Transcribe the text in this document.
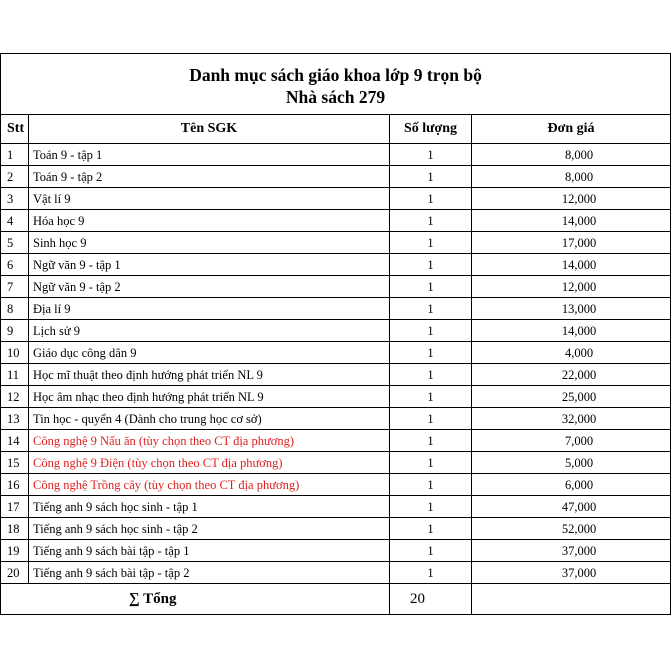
Danh mục sách giáo khoa lớp 9 trọn bộ
Nhà sách 279			

Stt	Tên SGK	Số lượng	Đơn giá
1	Toán 9 - tập 1	1	8,000
2	Toán 9 - tập 2	1	8,000
3	Vật lí 9	1	12,000
4	Hóa học 9	1	14,000
5	Sinh học 9	1	17,000
6	Ngữ văn 9 - tập 1	1	14,000
7	Ngữ văn 9 - tập 2	1	12,000
8	Địa lí 9	1	13,000
9	Lịch sử 9	1	14,000
10	Giáo dục công dân 9	1	4,000
11	Học mĩ thuật theo định hướng phát triển NL 9	1	22,000
12	Học âm nhạc theo định hướng phát triển NL 9	1	25,000
13	Tin học - quyển 4 (Dành cho trung học cơ sở)	1	32,000
14	Công nghệ 9 Nấu ăn (tùy chọn theo CT địa phương)	1	7,000
15	Công nghệ 9 Điện (tùy chọn theo CT địa phương)	1	5,000
16	Công nghệ Trồng cây (tùy chọn theo CT địa phương)	1	6,000
17	Tiếng anh 9 sách học sinh - tập 1	1	47,000
18	Tiếng anh 9 sách học sinh - tập 2	1	52,000
19	Tiếng anh 9 sách bài tập - tập 1	1	37,000
20	Tiếng anh 9 sách bài tập - tập 2	1	37,000
∑ Tổng		20	
